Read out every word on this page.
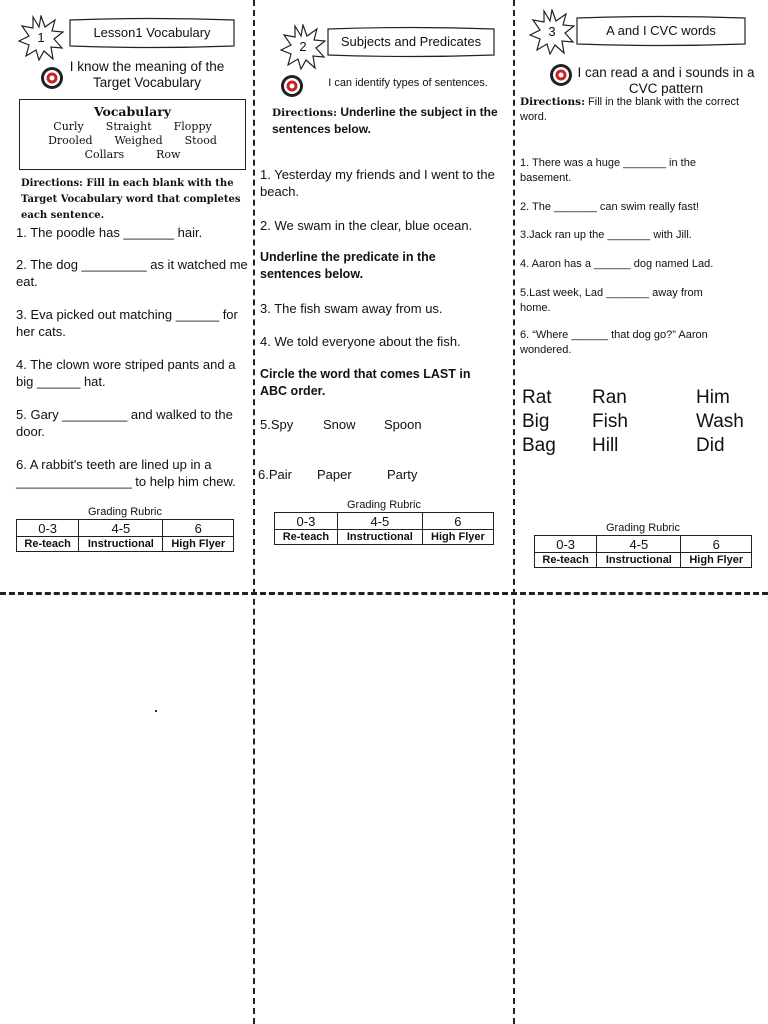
1	Lesson1 Vocabulary
I know the meaning of the Target Vocabulary
Vocabulary
Curly Straight Floppy
Drooled Weighed Stood
Collars	Row
Directions: Fill in each blank with the Target Vocabulary word that completes each sentence.
1. The poodle has _______ hair.
2. The dog _________ as it watched me eat.
3. Eva picked out matching ______ for her cats.
4. The clown wore striped pants and a big ______ hat.
5. Gary _________ and walked to the door.
6. A rabbit's teeth are lined up in a ________________ to help him chew.
Grading Rubric
0-3	4-5	6
Re-teach	Instructional	High Flyer
2	Subjects and Predicates
I can identify types of sentences.
Directions: Underline the subject in the sentences below.
1. Yesterday my friends and I went to the beach.
2. We swam in the clear, blue ocean.
Underline the predicate in the sentences below.
3. The fish swam away from us.
4. We told everyone about the fish.
Circle the word that comes LAST in ABC order.
5.Spy Snow Spoon
6.Pair Paper	Party
Grading Rubric
0-3	4-5	6
Re-teach	Instructional	High Flyer
3	A and I CVC words
I can read a and i sounds in a CVC pattern
Directions: Fill in the blank with the correct word.
1. There was a huge _______ in the basement.
2. The _______ can swim really fast!
3.Jack ran up the _______ with Jill.
4. Aaron has a ______ dog named Lad.
5.Last week, Lad _______ away from home.
6. “Where ______ that dog go?” Aaron wondered.
Rat	Ran	Him
Big	Fish	Wash
Bag	Hill	Did
Grading Rubric
0-3	4-5	6
Re-teach	Instructional	High Flyer
